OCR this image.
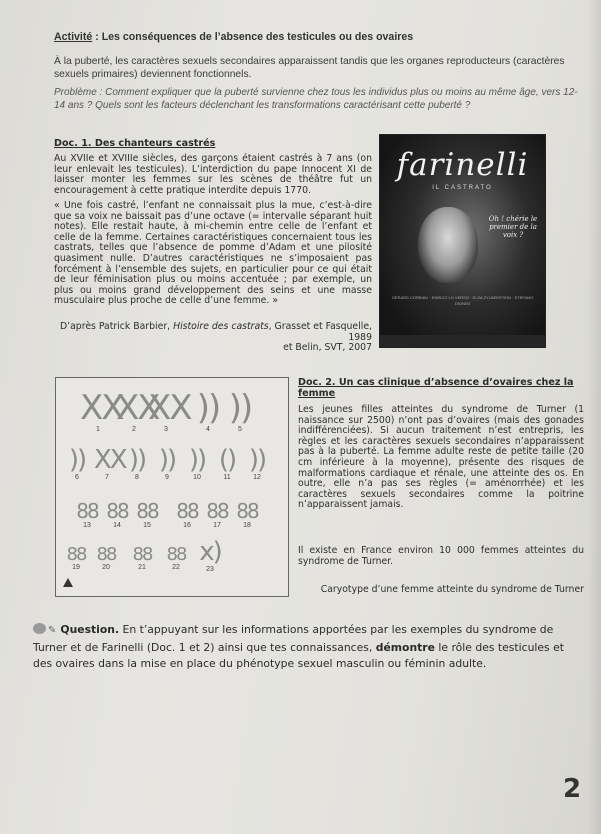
Activité : Les conséquences de l’absence des testicules ou des ovaires

À la puberté, les caractères sexuels secondaires apparaissent tandis que les organes reproducteurs (caractères sexuels primaires) deviennent fonctionnels.

Problème : Comment expliquer que la puberté survienne chez tous les individus plus ou moins au même âge, vers 12-14 ans ? Quels sont les facteurs déclenchant les transformations caractérisant cette puberté ?

Doc. 1. Des chanteurs castrés

Au XVIIe et XVIIIe siècles, des garçons étaient castrés à 7 ans (on leur enlevait les testicules). L’interdiction du pape Innocent XI de laisser monter les femmes sur les scènes de théâtre fut un encouragement à cette pratique interdite depuis 1770.

« Une fois castré, l’enfant ne connaissait plus la mue, c’est-à-dire que sa voix ne baissait pas d’une octave (= intervalle séparant huit notes). Elle restait haute, à mi-chemin entre celle de l’enfant et celle de la femme. Certaines caractéristiques concernaient tous les castrats, telles que l’absence de pomme d’Adam et une pilosité quasiment nulle. D’autres caractéristiques ne s’imposaient pas forcément à l’ensemble des sujets, en particulier pour ce qui était de leur féminisation plus ou moins accentuée ; par exemple, un plus ou moins grand développement des seins et une masse musculaire plus proche de celle d’une femme. »

D’après Patrick Barbier, Histoire des castrats, Grasset et Fasquelle, 1989
et Belin, SVT, 2007

farinelli
IL CASTRATO
Oh ! chérie le premier de la voix ?
GÉRARD CORBIAU · ENRICO LO VERSO · ELSA ZYLBERSTEIN · STEFANO DIONISI
XX
1
XX
2
XX
3
))
4
))
5
))
6
XX
7
))
8
))
9
))
10
()
11
))
12
88
13
88
14
88
15
88
16
88
17
88
18
88
19
88
20
88
21
88
22
x)
23

Doc. 2. Un cas clinique d’absence d’ovaires chez la femme

Les jeunes filles atteintes du syndrome de Turner (1 naissance sur 2500) n’ont pas d’ovaires (mais des gonades indifférenciées). Si aucun traitement n’est entrepris, les règles et les caractères sexuels secondaires n’apparaissent pas à la puberté. La femme adulte reste de petite taille (20 cm inférieure à la moyenne), présente des risques de malformations cardiaque et rénale, une atteinte des os. En outre, elle n’a pas ses règles (= aménorrhée) et les caractères sexuels secondaires comme la poitrine n’apparaissent jamais.

Il existe en France environ 10 000 femmes atteintes du syndrome de Turner.

Caryotype d’une femme atteinte du syndrome de Turner

✎ Question. En t’appuyant sur les informations apportées par les exemples du syndrome de Turner et de Farinelli (Doc. 1 et 2) ainsi que tes connaissances, démontre le rôle des testicules et des ovaires dans la mise en place du phénotype sexuel masculin ou féminin adulte.

2
